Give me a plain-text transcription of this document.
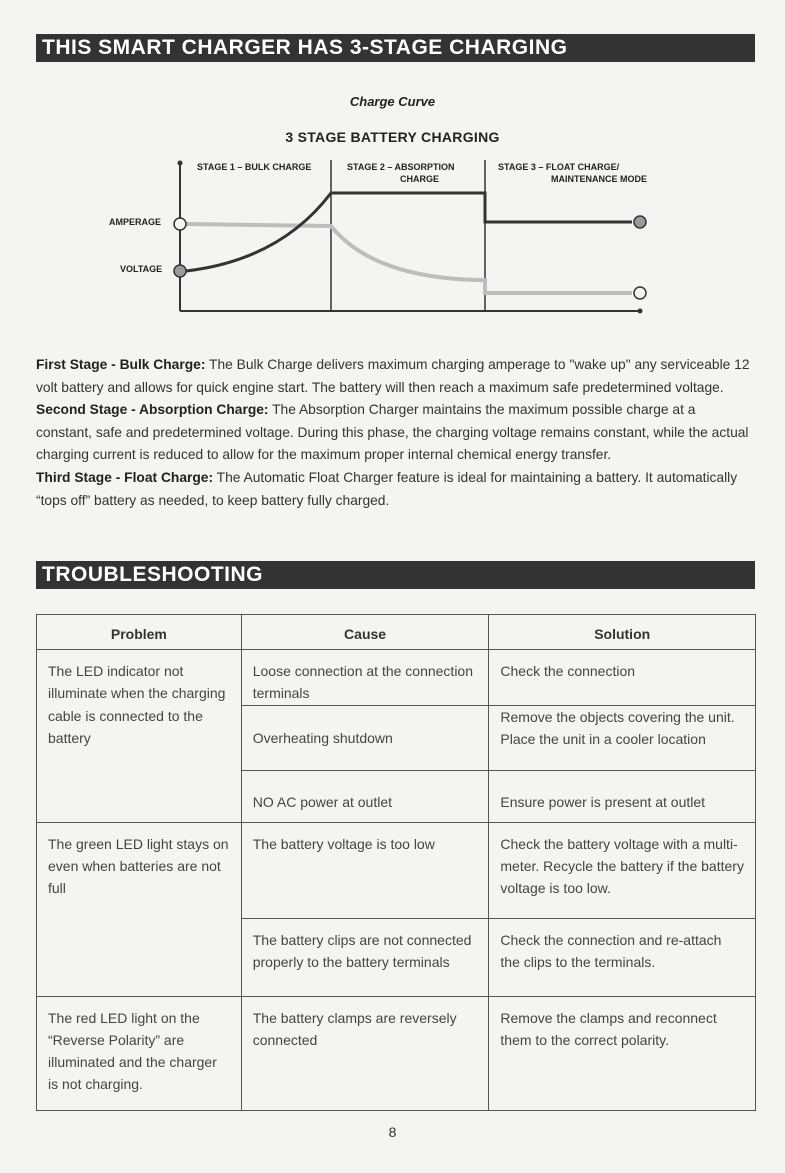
THIS SMART CHARGER HAS 3-STAGE CHARGING
Charge Curve
3 STAGE BATTERY CHARGING
STAGE 1 – BULK CHARGE	STAGE 2 – ABSORPTION
CHARGE
STAGE 3 – FLOAT CHARGE/
MAINTENANCE MODE
AMPERAGE
VOLTAGE

First Stage - Bulk Charge: The Bulk Charge delivers maximum charging amperage to "wake up" any serviceable 12 volt battery and allows for quick engine start. The battery will then reach a maximum safe predetermined voltage.

Second Stage - Absorption Charge: The Absorption Charger maintains the maximum possible charge at a constant, safe and predetermined voltage. During this phase, the charging voltage remains constant, while the actual charging current is reduced to allow for the maximum proper internal chemical energy transfer.

Third Stage - Float Charge: The Automatic Float Charger feature is ideal for maintaining a battery. It automatically “tops off” battery as needed, to keep battery fully charged.

TROUBLESHOOTING
Problem	Cause	Solution
The LED indicator not illuminate when the charging cable is connected to the battery	Loose connection at the connection terminals	Check the connection
	Overheating shutdown	Remove the objects covering the unit. Place the unit in a cooler location
	NO AC power at outlet	Ensure power is present at outlet
The green LED light stays on even when batteries are not full	The battery voltage is too low	Check the battery voltage with a multi-meter. Recycle the battery if the battery voltage is too low.
	The battery clips are not connected properly to the battery terminals	Check the connection and re-attach the clips to the terminals.
The red LED light on the “Reverse Polarity” are illuminated and the charger is not charging.	The battery clamps are reversely connected	Remove the clamps and reconnect them to the correct polarity.
8
